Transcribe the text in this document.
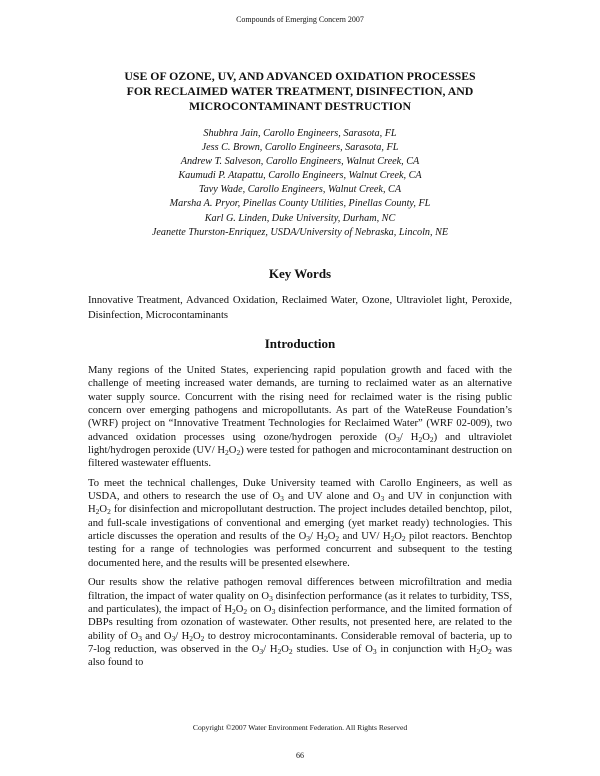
Compounds of Emerging Concern 2007
USE OF OZONE, UV, AND ADVANCED OXIDATION PROCESSES
FOR RECLAIMED WATER TREATMENT, DISINFECTION, AND
MICROCONTAMINANT DESTRUCTION
Shubhra Jain, Carollo Engineers, Sarasota, FL
Jess C. Brown, Carollo Engineers, Sarasota, FL
Andrew T. Salveson, Carollo Engineers, Walnut Creek, CA
Kaumudi P. Atapattu, Carollo Engineers, Walnut Creek, CA
Tavy Wade, Carollo Engineers, Walnut Creek, CA
Marsha A. Pryor, Pinellas County Utilities, Pinellas County, FL
Karl G. Linden, Duke University, Durham, NC
Jeanette Thurston-Enriquez, USDA/University of Nebraska, Lincoln, NE
Key Words
Innovative Treatment, Advanced Oxidation, Reclaimed Water, Ozone, Ultraviolet light, Peroxide, Disinfection, Microcontaminants
Introduction

Many regions of the United States, experiencing rapid population growth and faced with the challenge of meeting increased water demands, are turning to reclaimed water as an alternative water supply source. Concurrent with the rising need for reclaimed water is the rising public concern over emerging pathogens and micropollutants. As part of the WateReuse Foundation’s (WRF) project on “Innovative Treatment Technologies for Reclaimed Water” (WRF 02-009), two advanced oxidation processes using ozone/hydrogen peroxide ($O_3/$ $H_2O_2$) and ultraviolet light/hydrogen peroxide (UV/ $H_2O_2$) were tested for pathogen and microcontaminant destruction on filtered wastewater effluents.

To meet the technical challenges, Duke University teamed with Carollo Engineers, as well as USDA, and others to research the use of $O_3$ and UV alone and $O_3$ and UV in conjunction with $H_2O_2$ for disinfection and micropollutant destruction. The project includes detailed benchtop, pilot, and full-scale investigations of conventional and emerging (yet market ready) technologies. This article discusses the operation and results of the $O_3/$ $H_2O_2$ and UV/ $H_2O_2$ pilot reactors. Benchtop testing for a range of technologies was performed concurrent and subsequent to the testing documented here, and the results will be presented elsewhere.

Our results show the relative pathogen removal differences between microfiltration and media filtration, the impact of water quality on $O_3$ disinfection performance (as it relates to turbidity, TSS, and particulates), the impact of $H_2O_2$ on $O_3$ disinfection performance, and the limited formation of DBPs resulting from ozonation of wastewater. Other results, not presented here, are related to the ability of $O_3$ and $O_3/$ $H_2O_2$ to destroy microcontaminants. Considerable removal of bacteria, up to 7-log reduction, was observed in the $O_3/$ $H_2O_2$ studies. Use of $O_3$ in conjunction with $H_2O_2$ was also found to

Copyright ©2007 Water Environment Federation. All Rights Reserved
66
